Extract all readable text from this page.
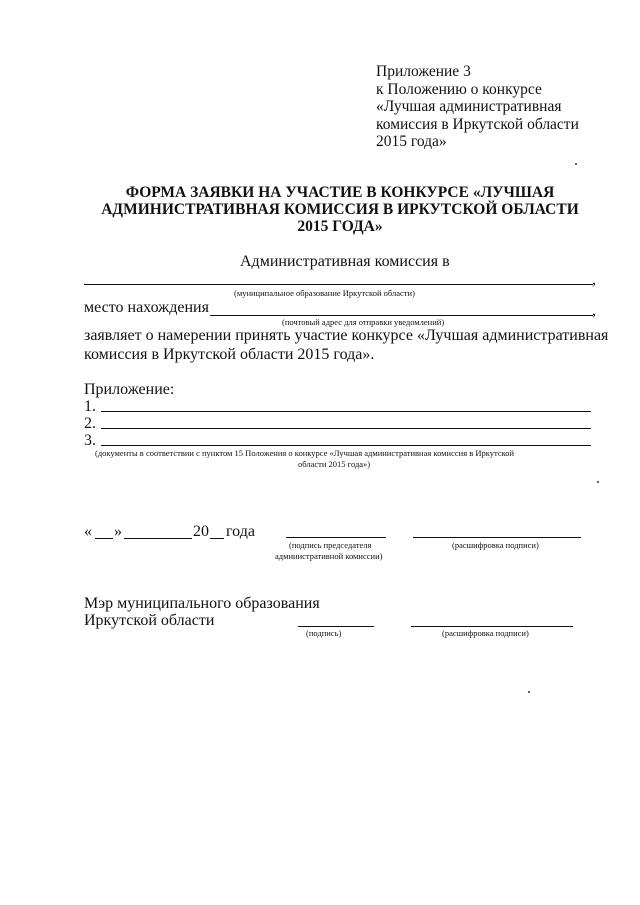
Приложение 3
к Положению о конкурсе
«Лучшая административная
комиссия в Иркутской области
2015 года»
ФОРМА ЗАЯВКИ НА УЧАСТИЕ В КОНКУРСЕ «ЛУЧШАЯ
АДМИНИСТРАТИВНАЯ КОМИССИЯ В ИРКУТСКОЙ ОБЛАСТИ
2015 ГОДА»
Административная комиссия в
,
(муниципальное образование Иркутской области)
место нахождения	,
(почтовый адрес для отправки уведомлений)
заявляет о намерении принять участие конкурсе «Лучшая административная
комиссия в Иркутской области 2015 года».
Приложение:
1.
2.
3.
(документы в соответствии с пунктом 15 Положения о конкурсе «Лучшая административная комиссия в Иркутской
области 2015 года»)
« »	20 года
(подпись председателя
административной комиссии)
(расшифровка подписи)
Мэр муниципального образования
Иркутской области
(подпись)	(расшифровка подписи)
